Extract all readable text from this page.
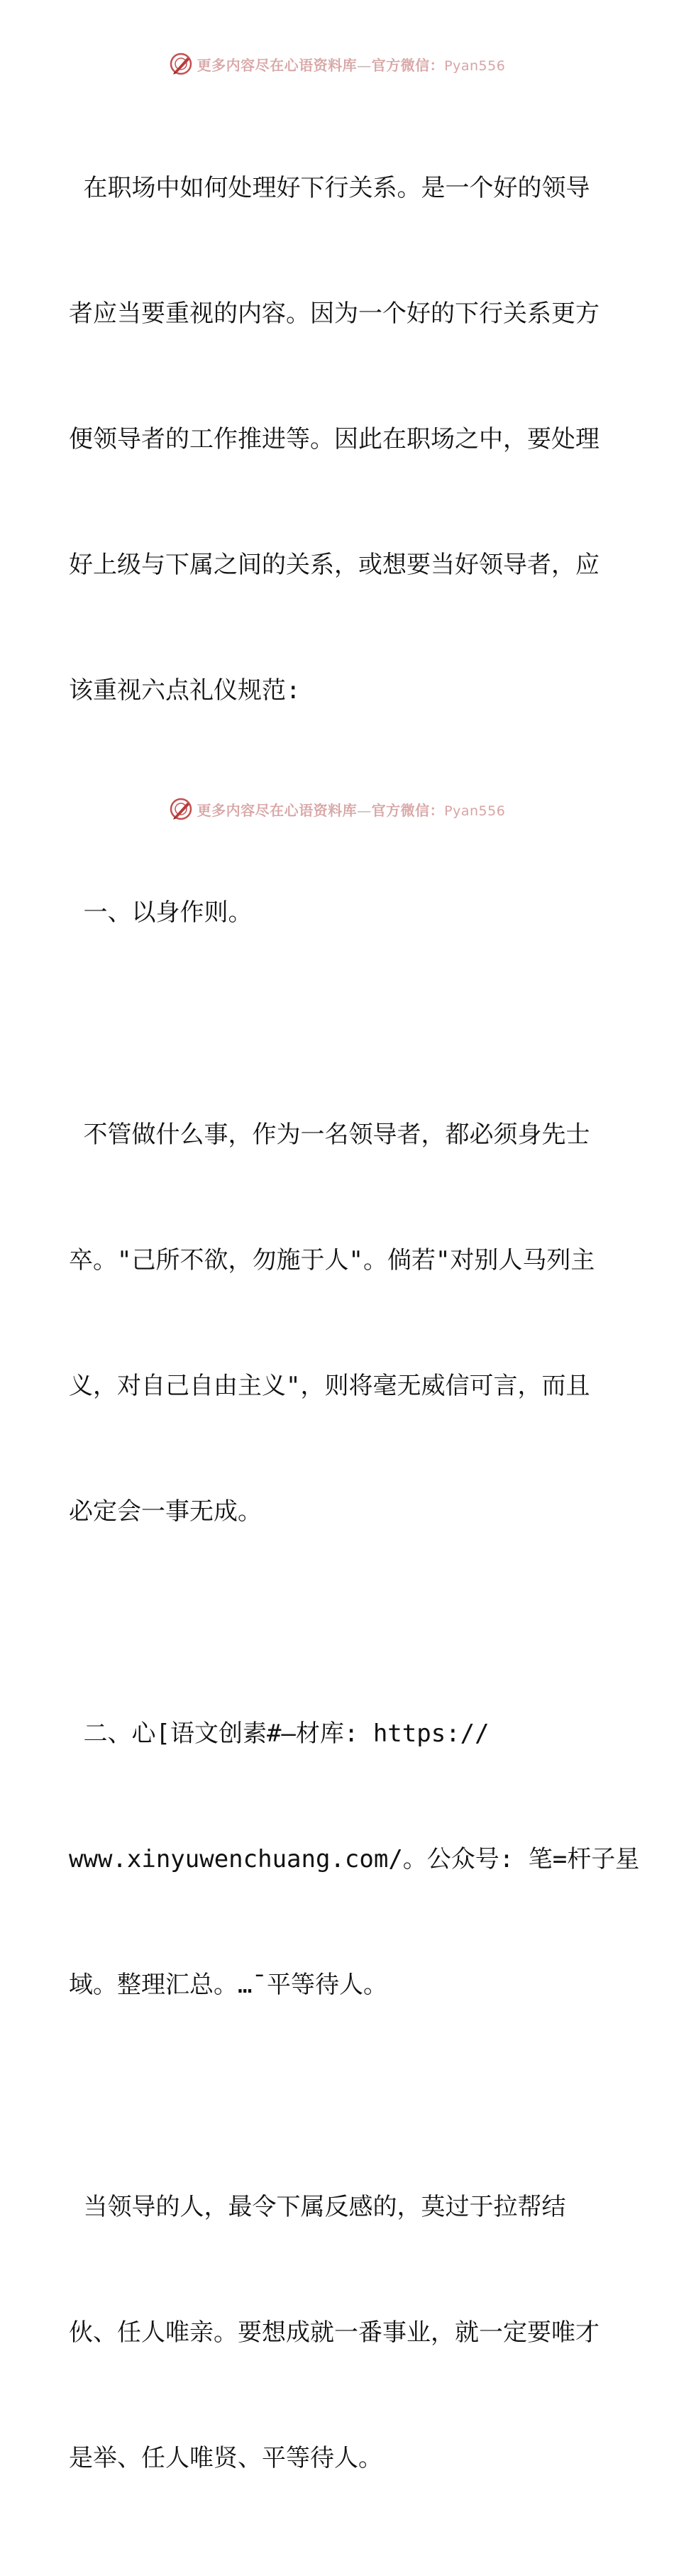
更多内容尽在心语资料库—官方微信：Pyan556

在职场中如何处理好下行关系。是一个好的领导

者应当要重视的内容。因为一个好的下行关系更方

便领导者的工作推进等。因此在职场之中，要处理

好上级与下属之间的关系，或想要当好领导者，应

该重视六点礼仪规范:

一、以身作则。

不管做什么事，作为一名领导者，都必须身先士

卒。"己所不欲，勿施于人"。倘若"对别人马列主

义，对自己自由主义"，则将毫无威信可言，而且

必定会一事无成。

二、心[语文创素#—材库: https://

www.xinyuwenchuang.com/。公众号: 笔=杆子星

域。整理汇总。…¯平等待人。

当领导的人，最令下属反感的，莫过于拉帮结

伙、任人唯亲。要想成就一番事业，就一定要唯才

是举、任人唯贤、平等待人。

更多内容尽在心语资料库—官方微信：Pyan556
